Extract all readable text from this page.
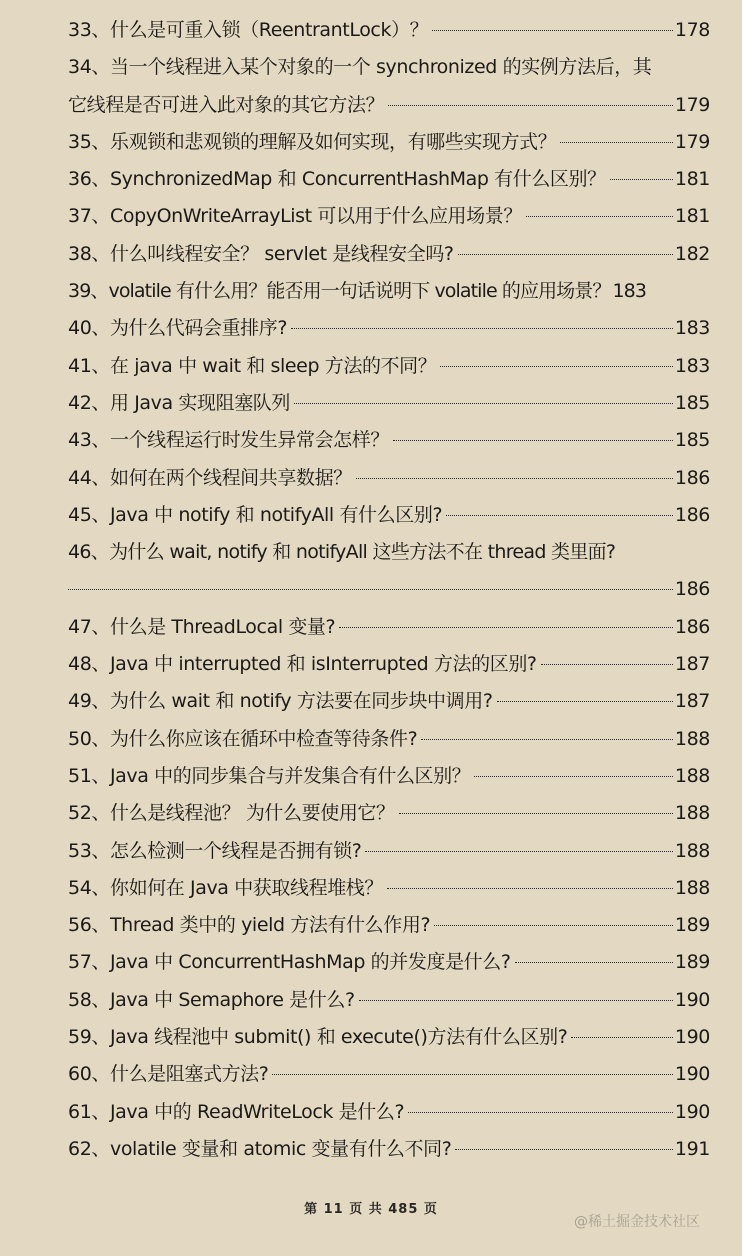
33、什么是可重入锁（ReentrantLock）？	178
34、当一个线程进入某个对象的一个 synchronized 的实例方法后，其
它线程是否可进入此对象的其它方法？	179
35、乐观锁和悲观锁的理解及如何实现，有哪些实现方式？	179
36、SynchronizedMap 和 ConcurrentHashMap 有什么区别？	181
37、CopyOnWriteArrayList 可以用于什么应用场景？	181
38、什么叫线程安全？ servlet 是线程安全吗?	182
39、volatile 有什么用？能否用一句话说明下 volatile 的应用场景？ 183
40、为什么代码会重排序?	183
41、在 java 中 wait 和 sleep 方法的不同？	183
42、用 Java 实现阻塞队列	185
43、一个线程运行时发生异常会怎样？	185
44、如何在两个线程间共享数据？	186
45、Java 中 notify 和 notifyAll 有什么区别?	186
46、为什么 wait, notify 和 notifyAll 这些方法不在 thread 类里面?
186
47、什么是 ThreadLocal 变量?	186
48、Java 中 interrupted 和 isInterrupted 方法的区别?	187
49、为什么 wait 和 notify 方法要在同步块中调用?	187
50、为什么你应该在循环中检查等待条件?	188
51、Java 中的同步集合与并发集合有什么区别？	188
52、什么是线程池？ 为什么要使用它？	188
53、怎么检测一个线程是否拥有锁?	188
54、你如何在 Java 中获取线程堆栈？	188
56、Thread 类中的 yield 方法有什么作用?	189
57、Java 中 ConcurrentHashMap 的并发度是什么?	189
58、Java 中 Semaphore 是什么?	190
59、Java 线程池中 submit() 和 execute()方法有什么区别?	190
60、什么是阻塞式方法?	190
61、Java 中的 ReadWriteLock 是什么?	190
62、volatile 变量和 atomic 变量有什么不同?	191
第 11 页 共 485 页
@稀土掘金技术社区
